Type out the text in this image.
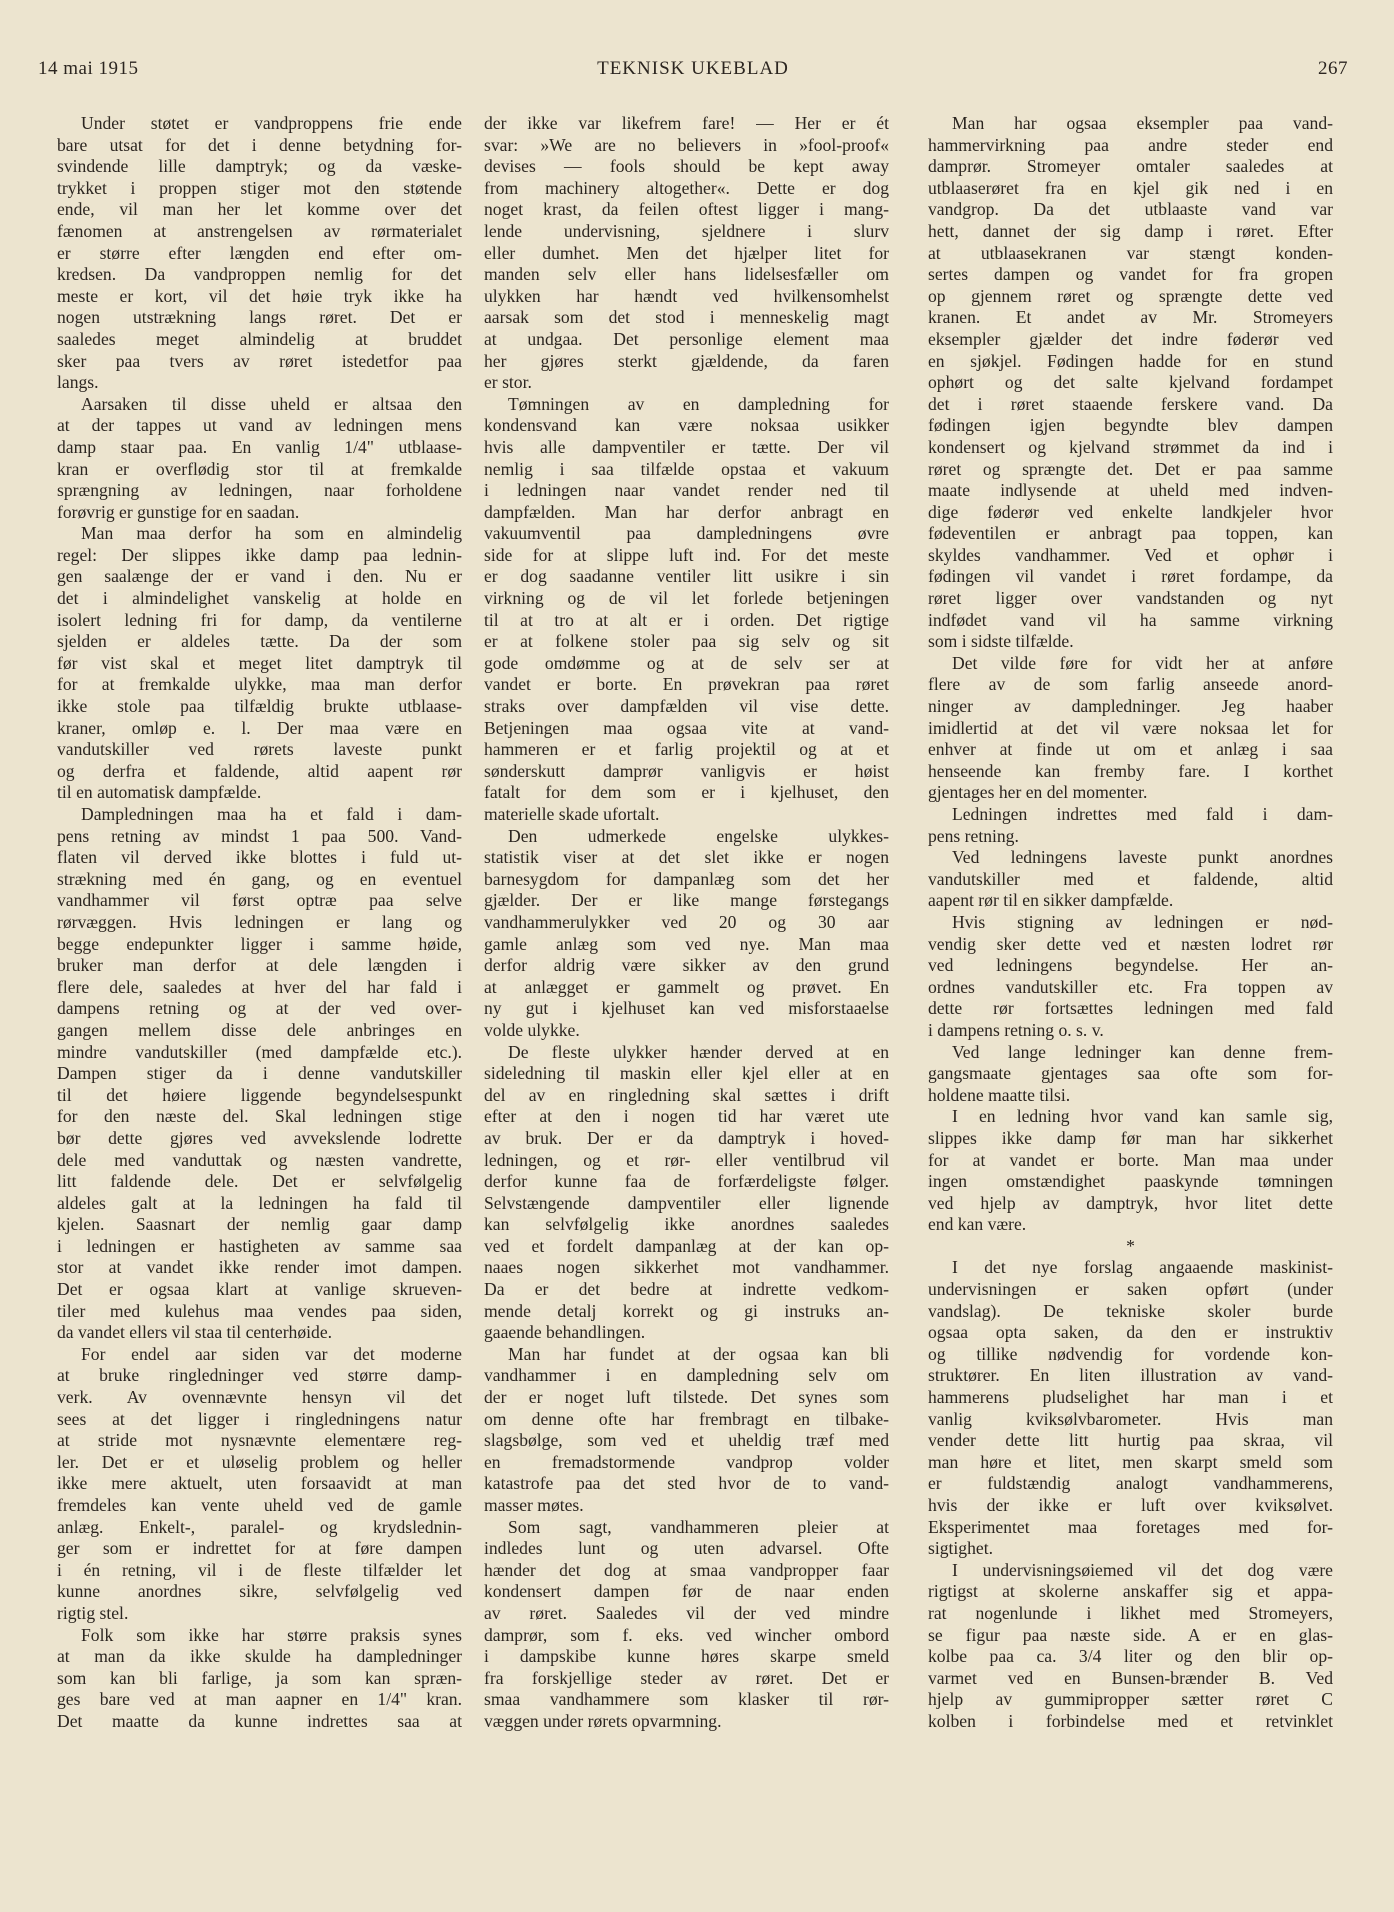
14 mai 1915	TEKNISK UKEBLAD	267
Under støtet er vandproppens frie ende
bare utsat for det i denne betydning for-
svindende lille damptryk; og da væske-
trykket i proppen stiger mot den støtende
ende, vil man her let komme over det
fænomen at anstrengelsen av rørmaterialet
er større efter længden end efter om-
kredsen. Da vandproppen nemlig for det
meste er kort, vil det høie tryk ikke ha
nogen utstrækning langs røret. Det er
saaledes meget almindelig at bruddet
sker paa tvers av røret istedetfor paa
langs.
Aarsaken til disse uheld er altsaa den
at der tappes ut vand av ledningen mens
damp staar paa. En vanlig 1/4" utblaase-
kran er overflødig stor til at fremkalde
sprængning av ledningen, naar forholdene
forøvrig er gunstige for en saadan.
Man maa derfor ha som en almindelig
regel: Der slippes ikke damp paa lednin-
gen saalænge der er vand i den. Nu er
det i almindelighet vanskelig at holde en
isolert ledning fri for damp, da ventilerne
sjelden er aldeles tætte. Da der som
før vist skal et meget litet damptryk til
for at fremkalde ulykke, maa man derfor
ikke stole paa tilfældig brukte utblaase-
kraner, omløp e. l. Der maa være en
vandutskiller ved rørets laveste punkt
og derfra et faldende, altid aapent rør
til en automatisk dampfælde.
Dampledningen maa ha et fald i dam-
pens retning av mindst 1 paa 500. Vand-
flaten vil derved ikke blottes i fuld ut-
strækning med én gang, og en eventuel
vandhammer vil først optræ paa selve
rørvæggen. Hvis ledningen er lang og
begge endepunkter ligger i samme høide,
bruker man derfor at dele længden i
flere dele, saaledes at hver del har fald i
dampens retning og at der ved over-
gangen mellem disse dele anbringes en
mindre vandutskiller (med dampfælde etc.).
Dampen stiger da i denne vandutskiller
til det høiere liggende begyndelsespunkt
for den næste del. Skal ledningen stige
bør dette gjøres ved avvekslende lodrette
dele med vanduttak og næsten vandrette,
litt faldende dele. Det er selvfølgelig
aldeles galt at la ledningen ha fald til
kjelen. Saasnart der nemlig gaar damp
i ledningen er hastigheten av samme saa
stor at vandet ikke render imot dampen.
Det er ogsaa klart at vanlige skrueven-
tiler med kulehus maa vendes paa siden,
da vandet ellers vil staa til centerhøide.
For endel aar siden var det moderne
at bruke ringledninger ved større damp-
verk. Av ovennævnte hensyn vil det
sees at det ligger i ringledningens natur
at stride mot nysnævnte elementære reg-
ler. Det er et uløselig problem og heller
ikke mere aktuelt, uten forsaavidt at man
fremdeles kan vente uheld ved de gamle
anlæg. Enkelt-, paralel- og krydslednin-
ger som er indrettet for at føre dampen
i én retning, vil i de fleste tilfælder let
kunne anordnes sikre, selvfølgelig ved
rigtig stel.
Folk som ikke har større praksis synes
at man da ikke skulde ha dampledninger
som kan bli farlige, ja som kan spræn-
ges bare ved at man aapner en 1/4" kran.
Det maatte da kunne indrettes saa at
der ikke var likefrem fare! — Her er ét
svar: »We are no believers in »fool-proof«
devises — fools should be kept away
from machinery altogether«. Dette er dog
noget krast, da feilen oftest ligger i mang-
lende undervisning, sjeldnere i slurv
eller dumhet. Men det hjælper litet for
manden selv eller hans lidelsesfæller om
ulykken har hændt ved hvilkensomhelst
aarsak som det stod i menneskelig magt
at undgaa. Det personlige element maa
her gjøres sterkt gjældende, da faren
er stor.
Tømningen av en dampledning for
kondensvand kan være noksaa usikker
hvis alle dampventiler er tætte. Der vil
nemlig i saa tilfælde opstaa et vakuum
i ledningen naar vandet render ned til
dampfælden. Man har derfor anbragt en
vakuumventil paa dampledningens øvre
side for at slippe luft ind. For det meste
er dog saadanne ventiler litt usikre i sin
virkning og de vil let forlede betjeningen
til at tro at alt er i orden. Det rigtige
er at folkene stoler paa sig selv og sit
gode omdømme og at de selv ser at
vandet er borte. En prøvekran paa røret
straks over dampfælden vil vise dette.
Betjeningen maa ogsaa vite at vand-
hammeren er et farlig projektil og at et
sønderskutt damprør vanligvis er høist
fatalt for dem som er i kjelhuset, den
materielle skade ufortalt.
Den udmerkede engelske ulykkes-
statistik viser at det slet ikke er nogen
barnesygdom for dampanlæg som det her
gjælder. Der er like mange førstegangs
vandhammerulykker ved 20 og 30 aar
gamle anlæg som ved nye. Man maa
derfor aldrig være sikker av den grund
at anlægget er gammelt og prøvet. En
ny gut i kjelhuset kan ved misforstaaelse
volde ulykke.
De fleste ulykker hænder derved at en
sideledning til maskin eller kjel eller at en
del av en ringledning skal sættes i drift
efter at den i nogen tid har været ute
av bruk. Der er da damptryk i hoved-
ledningen, og et rør- eller ventilbrud vil
derfor kunne faa de forfærdeligste følger.
Selvstængende dampventiler eller lignende
kan selvfølgelig ikke anordnes saaledes
ved et fordelt dampanlæg at der kan op-
naaes nogen sikkerhet mot vandhammer.
Da er det bedre at indrette vedkom-
mende detalj korrekt og gi instruks an-
gaaende behandlingen.
Man har fundet at der ogsaa kan bli
vandhammer i en dampledning selv om
der er noget luft tilstede. Det synes som
om denne ofte har frembragt en tilbake-
slagsbølge, som ved et uheldig træf med
en fremadstormende vandprop volder
katastrofe paa det sted hvor de to vand-
masser møtes.
Som sagt, vandhammeren pleier at
indledes lunt og uten advarsel. Ofte
hænder det dog at smaa vandpropper faar
kondensert dampen før de naar enden
av røret. Saaledes vil der ved mindre
damprør, som f. eks. ved wincher ombord
i dampskibe kunne høres skarpe smeld
fra forskjellige steder av røret. Det er
smaa vandhammere som klasker til rør-
væggen under rørets opvarmning.
Man har ogsaa eksempler paa vand-
hammervirkning paa andre steder end
damprør. Stromeyer omtaler saaledes at
utblaaserøret fra en kjel gik ned i en
vandgrop. Da det utblaaste vand var
hett, dannet der sig damp i røret. Efter
at utblaasekranen var stængt konden-
sertes dampen og vandet for fra gropen
op gjennem røret og sprængte dette ved
kranen. Et andet av Mr. Stromeyers
eksempler gjælder det indre føderør ved
en sjøkjel. Fødingen hadde for en stund
ophørt og det salte kjelvand fordampet
det i røret staaende ferskere vand. Da
fødingen igjen begyndte blev dampen
kondensert og kjelvand strømmet da ind i
røret og sprængte det. Det er paa samme
maate indlysende at uheld med indven-
dige føderør ved enkelte landkjeler hvor
fødeventilen er anbragt paa toppen, kan
skyldes vandhammer. Ved et ophør i
fødingen vil vandet i røret fordampe, da
røret ligger over vandstanden og nyt
indfødet vand vil ha samme virkning
som i sidste tilfælde.
Det vilde føre for vidt her at anføre
flere av de som farlig anseede anord-
ninger av dampledninger. Jeg haaber
imidlertid at det vil være noksaa let for
enhver at finde ut om et anlæg i saa
henseende kan fremby fare. I korthet
gjentages her en del momenter.
Ledningen indrettes med fald i dam-
pens retning.
Ved ledningens laveste punkt anordnes
vandutskiller med et faldende, altid
aapent rør til en sikker dampfælde.
Hvis stigning av ledningen er nød-
vendig sker dette ved et næsten lodret rør
ved ledningens begyndelse. Her an-
ordnes vandutskiller etc. Fra toppen av
dette rør fortsættes ledningen med fald
i dampens retning o. s. v.
Ved lange ledninger kan denne frem-
gangsmaate gjentages saa ofte som for-
holdene maatte tilsi.
I en ledning hvor vand kan samle sig,
slippes ikke damp før man har sikkerhet
for at vandet er borte. Man maa under
ingen omstændighet paaskynde tømningen
ved hjelp av damptryk, hvor litet dette
end kan være.
*
I det nye forslag angaaende maskinist-
undervisningen er saken opført (under
vandslag). De tekniske skoler burde
ogsaa opta saken, da den er instruktiv
og tillike nødvendig for vordende kon-
struktører. En liten illustration av vand-
hammerens pludselighet har man i et
vanlig kviksølvbarometer. Hvis man
vender dette litt hurtig paa skraa, vil
man høre et litet, men skarpt smeld som
er fuldstændig analogt vandhammerens,
hvis der ikke er luft over kviksølvet.
Eksperimentet maa foretages med for-
sigtighet.
I undervisningsøiemed vil det dog være
rigtigst at skolerne anskaffer sig et appa-
rat nogenlunde i likhet med Stromeyers,
se figur paa næste side. A er en glas-
kolbe paa ca. 3/4 liter og den blir op-
varmet ved en Bunsen-brænder B. Ved
hjelp av gummipropper sætter røret C
kolben i forbindelse med et retvinklet
